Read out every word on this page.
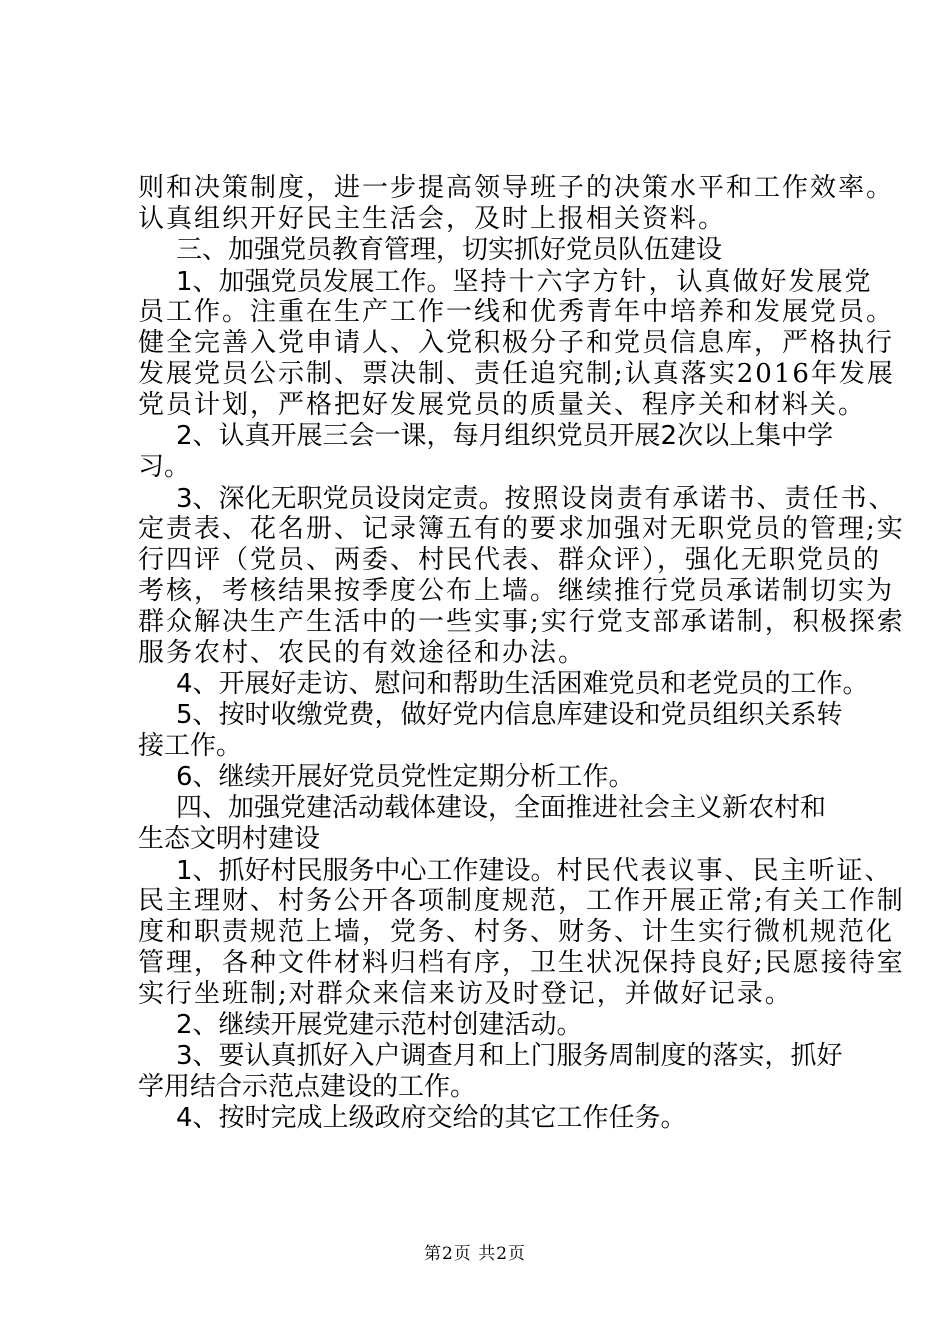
则和决策制度，进一步提高领导班子的决策水平和工作效率。
认真组织开好民主生活会，及时上报相关资料。
三、加强党员教育管理，切实抓好党员队伍建设
1、加强党员发展工作。坚持十六字方针，认真做好发展党
员工作。注重在生产工作一线和优秀青年中培养和发展党员。
健全完善入党申请人、入党积极分子和党员信息库，严格执行
发展党员公示制、票决制、责任追究制;认真落实2016年发展
党员计划，严格把好发展党员的质量关、程序关和材料关。
2、认真开展三会一课，每月组织党员开展2次以上集中学
习。
3、深化无职党员设岗定责。按照设岗责有承诺书、责任书、
定责表、花名册、记录簿五有的要求加强对无职党员的管理;实
行四评（党员、两委、村民代表、群众评），强化无职党员的
考核，考核结果按季度公布上墙。继续推行党员承诺制切实为
群众解决生产生活中的一些实事;实行党支部承诺制，积极探索
服务农村、农民的有效途径和办法。
4、开展好走访、慰问和帮助生活困难党员和老党员的工作。
5、按时收缴党费，做好党内信息库建设和党员组织关系转
接工作。
6、继续开展好党员党性定期分析工作。
四、加强党建活动载体建设，全面推进社会主义新农村和
生态文明村建设
1、抓好村民服务中心工作建设。村民代表议事、民主听证、
民主理财、村务公开各项制度规范，工作开展正常;有关工作制
度和职责规范上墙，党务、村务、财务、计生实行微机规范化
管理，各种文件材料归档有序，卫生状况保持良好;民愿接待室
实行坐班制;对群众来信来访及时登记，并做好记录。
2、继续开展党建示范村创建活动。
3、要认真抓好入户调查月和上门服务周制度的落实，抓好
学用结合示范点建设的工作。
4、按时完成上级政府交给的其它工作任务。
第2页 共2页
